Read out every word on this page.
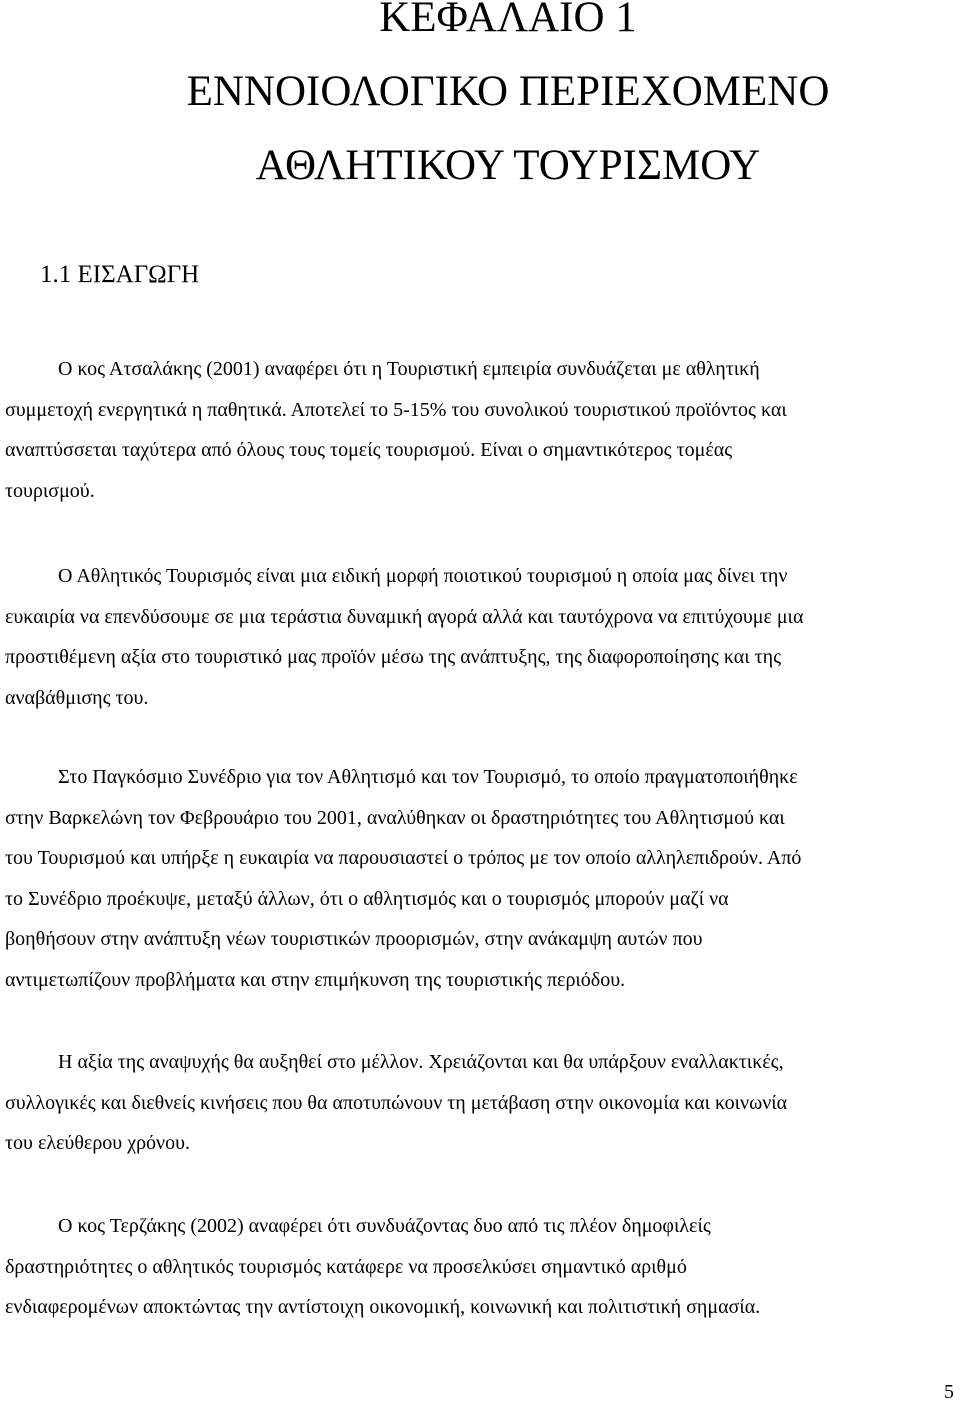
ΚΕΦΑΛΑΙΟ 1
ΕΝΝΟΙΟΛΟΓΙΚΟ ΠΕΡΙΕΧΟΜΕΝΟ
ΑΘΛΗΤΙΚΟΥ ΤΟΥΡΙΣΜΟΥ
1.1 ΕΙΣΑΓΩΓΗ
Ο κος Ατσαλάκης (2001) αναφέρει ότι η Τουριστική εμπειρία συνδυάζεται με αθλητική
συμμετοχή ενεργητικά η παθητικά. Αποτελεί το 5-15% του συνολικού τουριστικού προϊόντος και
αναπτύσσεται ταχύτερα από όλους τους τομείς τουρισμού. Είναι ο σημαντικότερος τομέας
τουρισμού.
Ο Αθλητικός Τουρισμός είναι μια ειδική μορφή ποιοτικού τουρισμού η οποία μας δίνει την
ευκαιρία να επενδύσουμε σε μια τεράστια δυναμική αγορά αλλά και ταυτόχρονα να επιτύχουμε μια
προστιθέμενη αξία στο τουριστικό μας προϊόν μέσω της ανάπτυξης, της διαφοροποίησης και της
αναβάθμισης του.
Στο Παγκόσμιο Συνέδριο για τον Αθλητισμό και τον Τουρισμό, το οποίο πραγματοποιήθηκε
στην Βαρκελώνη τον Φεβρουάριο του 2001, αναλύθηκαν οι δραστηριότητες του Αθλητισμού και
του Τουρισμού και υπήρξε η ευκαιρία να παρουσιαστεί ο τρόπος με τον οποίο αλληλεπιδρούν. Από
το Συνέδριο προέκυψε, μεταξύ άλλων, ότι ο αθλητισμός και ο τουρισμός μπορούν μαζί να
βοηθήσουν στην ανάπτυξη νέων τουριστικών προορισμών, στην ανάκαμψη αυτών που
αντιμετωπίζουν προβλήματα και στην επιμήκυνση της τουριστικής περιόδου.
Η αξία της αναψυχής θα αυξηθεί στο μέλλον. Χρειάζονται και θα υπάρξουν εναλλακτικές,
συλλογικές και διεθνείς κινήσεις που θα αποτυπώνουν τη μετάβαση στην οικονομία και κοινωνία
του ελεύθερου χρόνου.
Ο κος Τερζάκης (2002) αναφέρει ότι συνδυάζοντας δυο από τις πλέον δημοφιλείς
δραστηριότητες ο αθλητικός τουρισμός κατάφερε να προσελκύσει σημαντικό αριθμό
ενδιαφερομένων αποκτώντας την αντίστοιχη οικονομική, κοινωνική και πολιτιστική σημασία.
5
